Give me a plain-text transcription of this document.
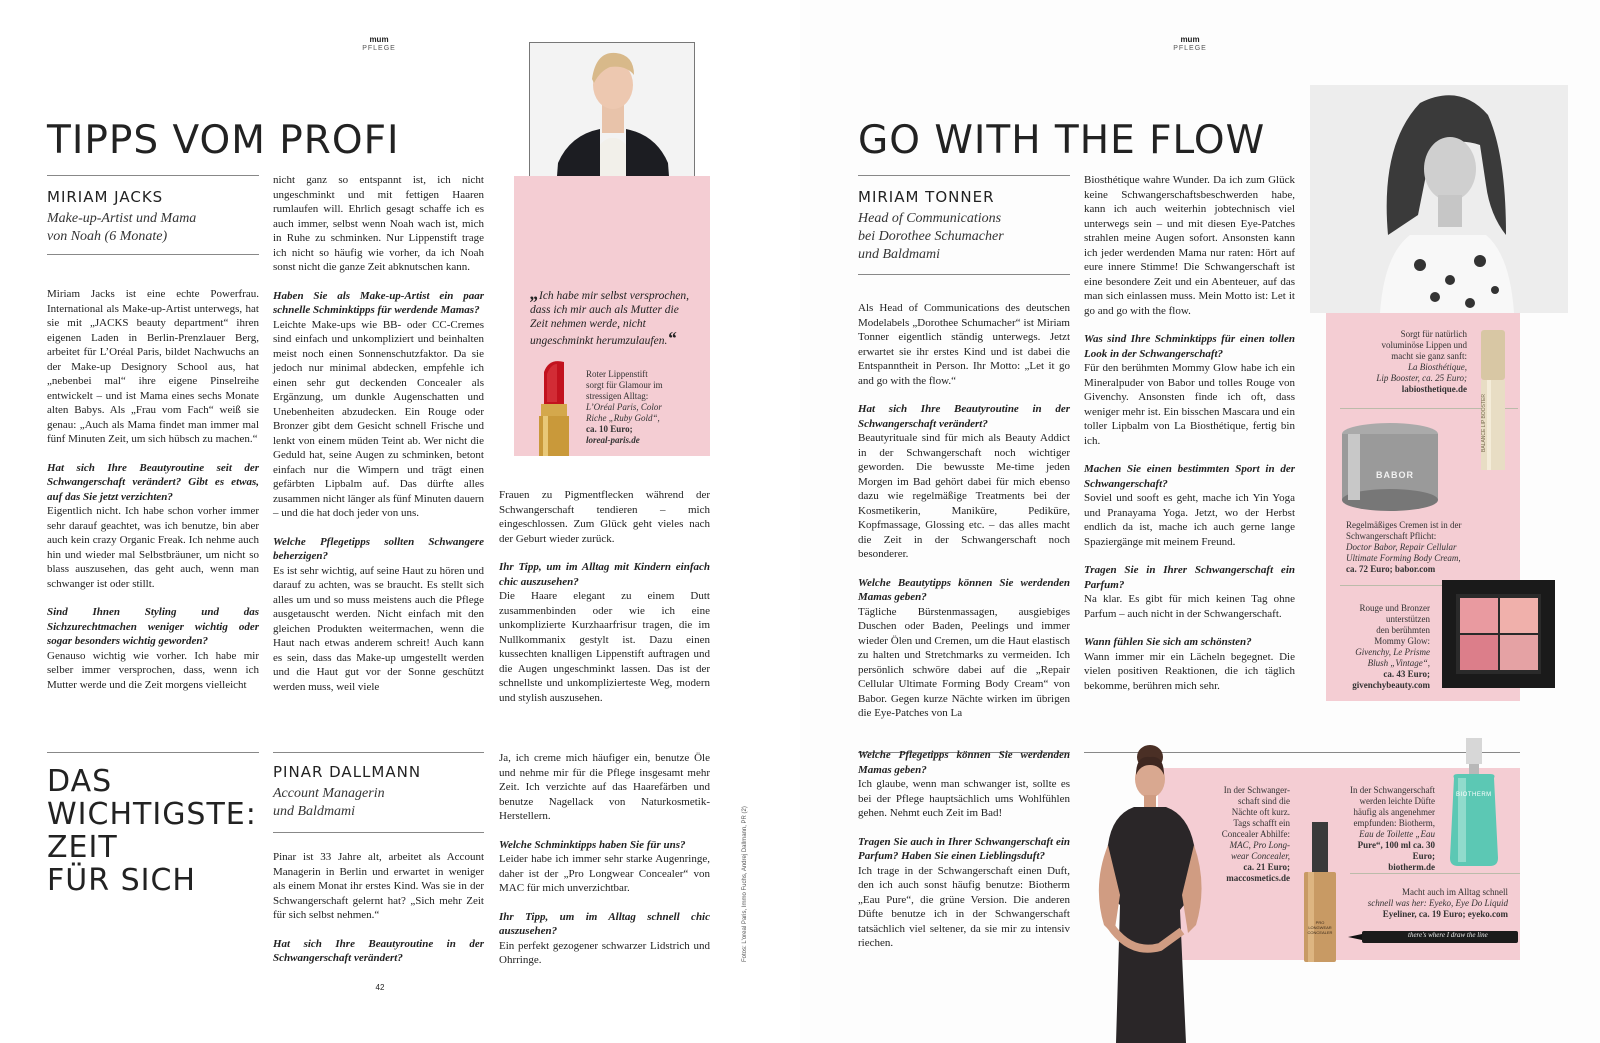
mum
PFLEGE
TIPPS VOM PROFI
MIRIAM JACKS
Make-up-Artist und Mama
von Noah (6 Monate)

Miriam Jacks ist eine echte Powerfrau. International als Make-up-Artist unterwegs, hat sie mit „JACKS beauty department“ ihren eigenen Laden in Berlin-Prenzlauer Berg, arbeitet für L’Oréal Paris, bildet Nachwuchs an der Make-up Designory School aus, hat „nebenbei mal“ ihre eigene Pinselreihe entwickelt – und ist Mama eines sechs Monate alten Babys. Als „Frau vom Fach“ weiß sie genau: „Auch als Mama findet man immer mal fünf Minuten Zeit, um sich hübsch zu machen.“

Hat sich Ihre Beautyroutine seit der Schwangerschaft verändert? Gibt es etwas, auf das Sie jetzt verzichten?

Eigentlich nicht. Ich habe schon vorher immer sehr darauf geachtet, was ich benutze, bin aber auch kein crazy Organic Freak. Ich nehme auch hin und wieder mal Selbstbräuner, um nicht so blass auszusehen, das geht auch, wenn man schwanger ist oder stillt.

Sind Ihnen Styling und das Sichzurechtmachen weniger wichtig oder sogar besonders wichtig geworden?

Genauso wichtig wie vorher. Ich habe mir selber immer versprochen, dass, wenn ich Mutter werde und die Zeit morgens vielleicht

nicht ganz so entspannt ist, ich nicht ungeschminkt und mit fettigen Haaren rumlaufen will. Ehrlich gesagt schaffe ich es auch immer, selbst wenn Noah wach ist, mich in Ruhe zu schminken. Nur Lippenstift trage ich nicht so häufig wie vorher, da ich Noah sonst nicht die ganze Zeit abknutschen kann.

Haben Sie als Make-up-Artist ein paar schnelle Schminktipps für werdende Mamas?

Leichte Make-ups wie BB- oder CC-Cremes sind einfach und unkompliziert und beinhalten meist noch einen Sonnenschutzfaktor. Da sie jedoch nur minimal abdecken, empfehle ich einen sehr gut deckenden Concealer als Ergänzung, um dunkle Augenschatten und Unebenheiten abzudecken. Ein Rouge oder Bronzer gibt dem Gesicht schnell Frische und lenkt von einem müden Teint ab. Wer nicht die Geduld hat, seine Augen zu schminken, betont einfach nur die Wimpern und trägt einen gefärbten Lipbalm auf. Das dürfte alles zusammen nicht länger als fünf Minuten dauern – und die hat doch jeder von uns.

Welche Pflegetipps sollten Schwangere beherzigen?

Es ist sehr wichtig, auf seine Haut zu hören und darauf zu achten, was se braucht. Es stellt sich alles um und so muss meistens auch die Pflege ausgetauscht werden. Nicht einfach mit den gleichen Produkten weitermachen, wenn die Haut nach etwas anderem schreit! Auch kann es sein, dass das Make-up umgestellt werden und die Haut gut vor der Sonne geschützt werden muss, weil viele

„Ich habe mir selbst versprochen, dass ich mir auch als Mutter die Zeit nehmen werde, nicht ungeschminkt herumzulaufen.“
Roter Lippenstift
sorgt für Glamour im
stressigen Alltag:
L’Oréal Paris, Color
Riche „Ruby Gold“,
ca. 10 Euro;
loreal-paris.de

Frauen zu Pigmentflecken während der Schwangerschaft tendieren – mich eingeschlossen. Zum Glück geht vieles nach der Geburt wieder zurück.

Ihr Tipp, um im Alltag mit Kindern einfach chic auszusehen?

Die Haare elegant zu einem Dutt zusammenbinden oder wie ich eine unkomplizierte Kurzhaarfrisur tragen, die im Nullkommanix gestylt ist. Dazu einen kussechten knalligen Lippenstift auftragen und die Augen ungeschminkt lassen. Das ist der schnellste und unkomplizierteste Weg, modern und stylish auszusehen.

DAS
WICHTIGSTE:
ZEIT
FÜR SICH
PINAR DALLMANN
Account Managerin
und Baldmami

Pinar ist 33 Jahre alt, arbeitet als Account Managerin in Berlin und erwartet in weniger als einem Monat ihr erstes Kind. Was sie in der Schwangerschaft gelernt hat? „Sich mehr Zeit für sich selbst nehmen.“

Hat sich Ihre Beautyroutine in der Schwangerschaft verändert?

Ja, ich creme mich häufiger ein, benutze Öle und nehme mir für die Pflege insgesamt mehr Zeit. Ich verzichte auf das Haarefärben und benutze Nagellack von Naturkosmetik-Herstellern.

Welche Schminktipps haben Sie für uns?

Leider habe ich immer sehr starke Augenringe, daher ist der „Pro Longwear Concealer“ von MAC für mich unverzichtbar.

Ihr Tipp, um im Alltag schnell chic auszusehen?

Ein perfekt gezogener schwarzer Lidstrich und Ohrringe.	Fotos: L'oreal Paris, Immo Fuchs, Andrej Dallmann, PR (2)
42
mum
PFLEGE
GO WITH THE FLOW
MIRIAM TONNER
Head of Communications
bei Dorothee Schumacher
und Baldmami

Als Head of Communications des deutschen Modelabels „Dorothee Schumacher“ ist Miriam Tonner eigentlich ständig unterwegs. Jetzt erwartet sie ihr erstes Kind und ist dabei die Entspanntheit in Person. Ihr Motto: „Let it go and go with the flow.“

Hat sich Ihre Beautyroutine in der Schwangerschaft verändert?

Beautyrituale sind für mich als Beauty Addict in der Schwangerschaft noch wichtiger geworden. Die bewusste Me-time jeden Morgen im Bad gehört dabei für mich ebenso dazu wie regelmäßige Treatments bei der Kosmetikerin, Maniküre, Pediküre, Kopfmassage, Glossing etc. – das alles macht die Zeit in der Schwangerschaft noch besonderer.

Welche Beautytipps können Sie werdenden Mamas geben?

Tägliche Bürstenmassagen, ausgiebiges Duschen oder Baden, Peelings und immer wieder Ölen und Cremen, um die Haut elastisch zu halten und Stretchmarks zu vermeiden. Ich persönlich schwöre dabei auf die „Repair Cellular Ultimate Forming Body Cream“ von Babor. Gegen kurze Nächte wirken im übrigen die Eye-Patches von La

Biosthétique wahre Wunder. Da ich zum Glück keine Schwangerschaftsbeschwerden habe, kann ich auch weiterhin jobtechnisch viel unterwegs sein – und mit diesen Eye-Patches strahlen meine Augen sofort. Ansonsten kann ich jeder werdenden Mama nur raten: Hört auf eure innere Stimme! Die Schwangerschaft ist eine besondere Zeit und ein Abenteuer, auf das man sich einlassen muss. Mein Motto ist: Let it go and go with the flow.

Was sind Ihre Schminktipps für einen tollen Look in der Schwangerschaft?

Für den berühmten Mommy Glow habe ich ein Mineralpuder von Babor und tolles Rouge von Givenchy. Ansonsten finde ich oft, dass weniger mehr ist. Ein bisschen Mascara und ein toller Lipbalm von La Biosthétique, fertig bin ich.

Machen Sie einen bestimmten Sport in der Schwangerschaft?

Soviel und sooft es geht, mache ich Yin Yoga und Pranayama Yoga. Jetzt, wo der Herbst endlich da ist, mache ich auch gerne lange Spaziergänge mit meinem Freund.

Tragen Sie in Ihrer Schwangerschaft ein Parfum?

Na klar. Es gibt für mich keinen Tag ohne Parfum – auch nicht in der Schwangerschaft.

Wann fühlen Sie sich am schönsten?

Wann immer mir ein Lächeln begegnet. Die vielen positiven Reaktionen, die ich täglich bekomme, berühren mich sehr.

Sorgt für natürlich
voluminöse Lippen und
macht sie ganz sanft:
La Biosthétique,
Lip Booster, ca. 25 Euro;
labiosthetique.de
BALANCE LIP BOOSTER
BABOR
Regelmäßiges Cremen ist in der
Schwangerschaft Pflicht:
Doctor Babor, Repair Cellular
Ultimate Forming Body Cream,
ca. 72 Euro; babor.com
Rouge und Bronzer
unterstützen
den berühmten
Mommy Glow:
Givenchy, Le Prisme
Blush „Vintage“,
ca. 43 Euro;
givenchybeauty.com
Welche Pflegetipps können Sie werdenden Mamas geben?

Ich glaube, wenn man schwanger ist, sollte es bei der Pflege hauptsächlich ums Wohlfühlen gehen. Nehmt euch Zeit im Bad!

Tragen Sie auch in Ihrer Schwangerschaft ein Parfum? Haben Sie einen Lieblingsduft?

Ich trage in der Schwangerschaft einen Duft, den ich auch sonst häufig benutze: Biotherm „Eau Pure“, die grüne Version. Die anderen Düfte benutze ich in der Schwangerschaft tatsächlich viel seltener, da sie mir zu intensiv riechen.

In der Schwanger-
schaft sind die
Nächte oft kurz.
Tags schafft ein
Concealer Abhilfe:
MAC, Pro Long-
wear Concealer,
ca. 21 Euro;
maccosmetics.de
PRO LONGWEAR CONCEALER
In der Schwangerschaft
werden leichte Düfte
häufig als angenehmer
empfunden: Biotherm,
Eau de Toilette „Eau
Pure“, 100 ml ca. 30 Euro;
biotherm.de
BIOTHERM
Macht auch im Alltag schnell
schnell was her: Eyeko, Eye Do Liquid
Eyeliner, ca. 19 Euro; eyeko.com
there's where I draw the line
